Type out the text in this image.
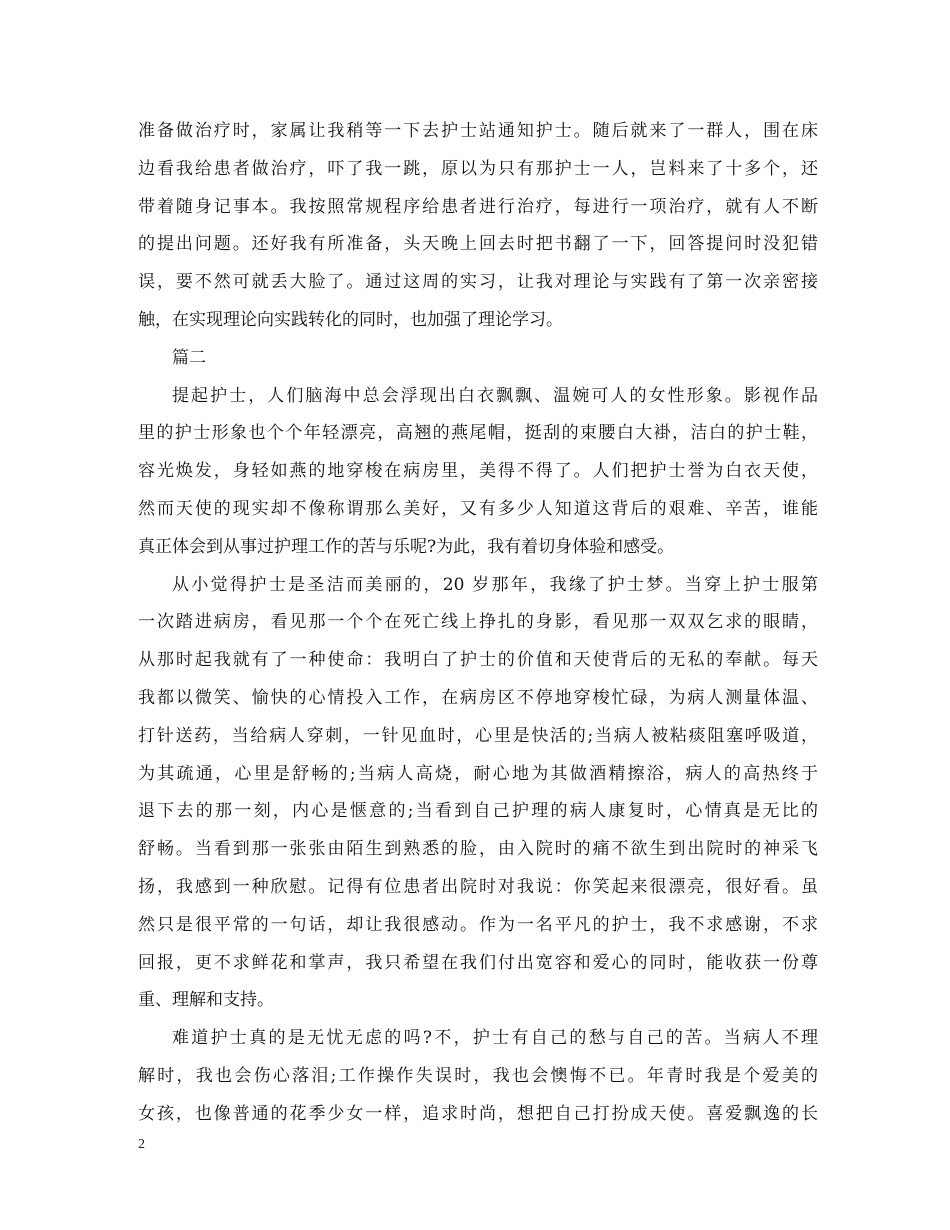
准备做治疗时，家属让我稍等一下去护士站通知护士。随后就来了一群人，围在床
边看我给患者做治疗，吓了我一跳，原以为只有那护士一人，岂料来了十多个，还
带着随身记事本。我按照常规程序给患者进行治疗，每进行一项治疗，就有人不断
的提出问题。还好我有所准备，头天晚上回去时把书翻了一下，回答提问时没犯错
误，要不然可就丢大脸了。通过这周的实习，让我对理论与实践有了第一次亲密接
触，在实现理论向实践转化的同时，也加强了理论学习。
篇二
提起护士，人们脑海中总会浮现出白衣飘飘、温婉可人的女性形象。影视作品
里的护士形象也个个年轻漂亮，高翘的燕尾帽，挺刮的束腰白大褂，洁白的护士鞋，
容光焕发，身轻如燕的地穿梭在病房里，美得不得了。人们把护士誉为白衣天使，
然而天使的现实却不像称谓那么美好，又有多少人知道这背后的艰难、辛苦，谁能
真正体会到从事过护理工作的苦与乐呢?为此，我有着切身体验和感受。
从小觉得护士是圣洁而美丽的，20 岁那年，我缘了护士梦。当穿上护士服第
一次踏进病房，看见那一个个在死亡线上挣扎的身影，看见那一双双乞求的眼睛，
从那时起我就有了一种使命：我明白了护士的价值和天使背后的无私的奉献。每天
我都以微笑、愉快的心情投入工作，在病房区不停地穿梭忙碌，为病人测量体温、
打针送药，当给病人穿刺，一针见血时，心里是快活的;当病人被粘痰阻塞呼吸道，
为其疏通，心里是舒畅的;当病人高烧，耐心地为其做酒精擦浴，病人的高热终于
退下去的那一刻，内心是惬意的;当看到自己护理的病人康复时，心情真是无比的
舒畅。当看到那一张张由陌生到熟悉的脸，由入院时的痛不欲生到出院时的神采飞
扬，我感到一种欣慰。记得有位患者出院时对我说：你笑起来很漂亮，很好看。虽
然只是很平常的一句话，却让我很感动。作为一名平凡的护士，我不求感谢，不求
回报，更不求鲜花和掌声，我只希望在我们付出宽容和爱心的同时，能收获一份尊
重、理解和支持。
难道护士真的是无忧无虑的吗?不，护士有自己的愁与自己的苦。当病人不理
解时，我也会伤心落泪;工作操作失误时，我也会懊悔不已。年青时我是个爱美的
女孩，也像普通的花季少女一样，追求时尚，想把自己打扮成天使。喜爱飘逸的长
2
